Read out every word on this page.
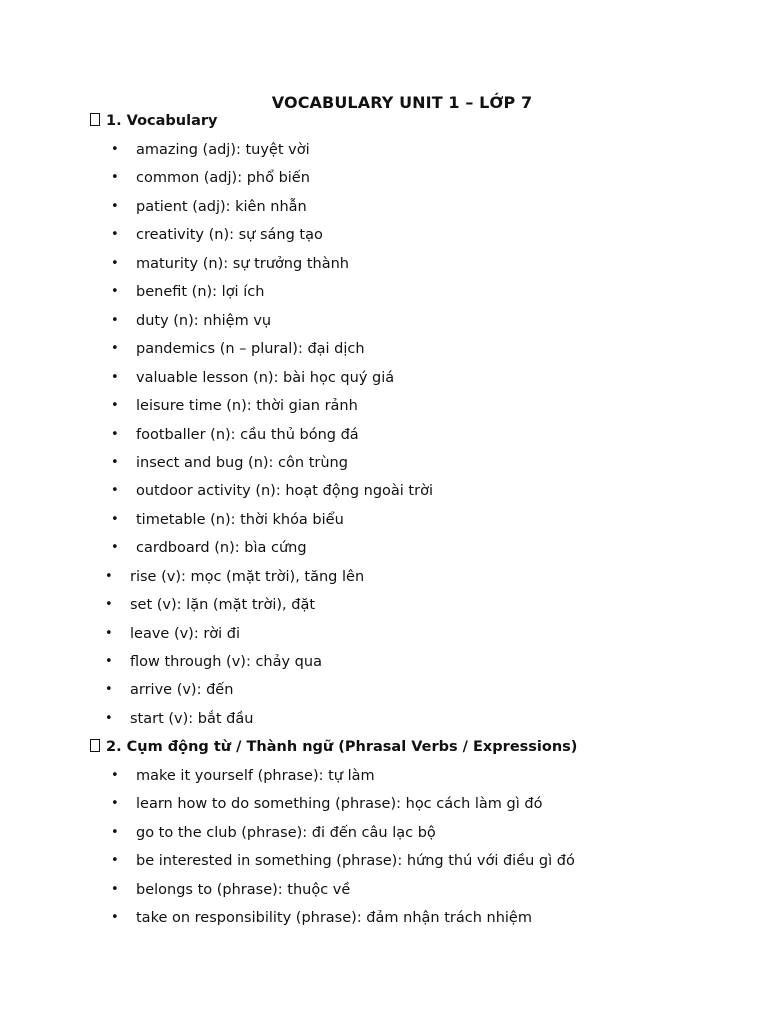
VOCABULARY UNIT 1 – LỚP 7
1. Vocabulary
• amazing (adj): tuyệt vời
• common (adj): phổ biến
• patient (adj): kiên nhẫn
• creativity (n): sự sáng tạo
• maturity (n): sự trưởng thành
• benefit (n): lợi ích
• duty (n): nhiệm vụ
• pandemics (n – plural): đại dịch
• valuable lesson (n): bài học quý giá
• leisure time (n): thời gian rảnh
• footballer (n): cầu thủ bóng đá
• insect and bug (n): côn trùng
• outdoor activity (n): hoạt động ngoài trời
• timetable (n): thời khóa biểu
• cardboard (n): bìa cứng
• rise (v): mọc (mặt trời), tăng lên
• set (v): lặn (mặt trời), đặt
• leave (v): rời đi
• flow through (v): chảy qua
• arrive (v): đến
• start (v): bắt đầu
2. Cụm động từ / Thành ngữ (Phrasal Verbs / Expressions)
• make it yourself (phrase): tự làm
• learn how to do something (phrase): học cách làm gì đó
• go to the club (phrase): đi đến câu lạc bộ
• be interested in something (phrase): hứng thú với điều gì đó
• belongs to (phrase): thuộc về
• take on responsibility (phrase): đảm nhận trách nhiệm
